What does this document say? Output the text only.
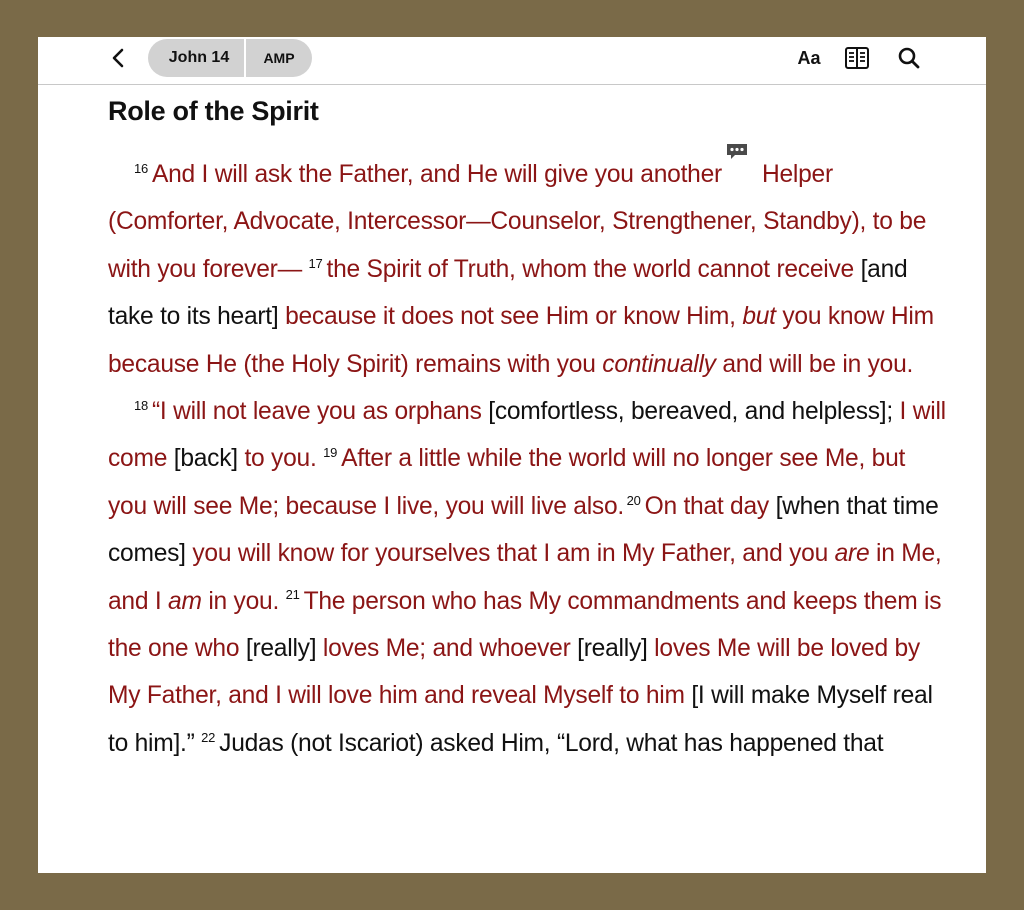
John 14	AMP	Aa
Role of the Spirit

$^{16}$ And I will ask the Father, and He will give you another Helper (Comforter, Advocate, Intercessor—Counselor, Strengthener, Standby), to be with you forever— $^{17}$ the Spirit of Truth, whom the world cannot receive [and take to its heart] because it does not see Him or know Him, but you know Him because He (the Holy Spirit) remains with you continually and will be in you.

$^{18}$ “I will not leave you as orphans [comfortless, bereaved, and helpless]; I will come [back] to you. $^{19}$ After a little while the world will no longer see Me, but you will see Me; because I live, you will live also. $^{20}$ On that day [when that time comes] you will know for yourselves that I am in My Father, and you are in Me, and I am in you. $^{21}$ The person who has My commandments and keeps them is the one who [really] loves Me; and whoever [really] loves Me will be loved by My Father, and I will love him and reveal Myself to him [I will make Myself real to him].” $^{22}$ Judas (not Iscariot) asked Him, “Lord, what has happened that
